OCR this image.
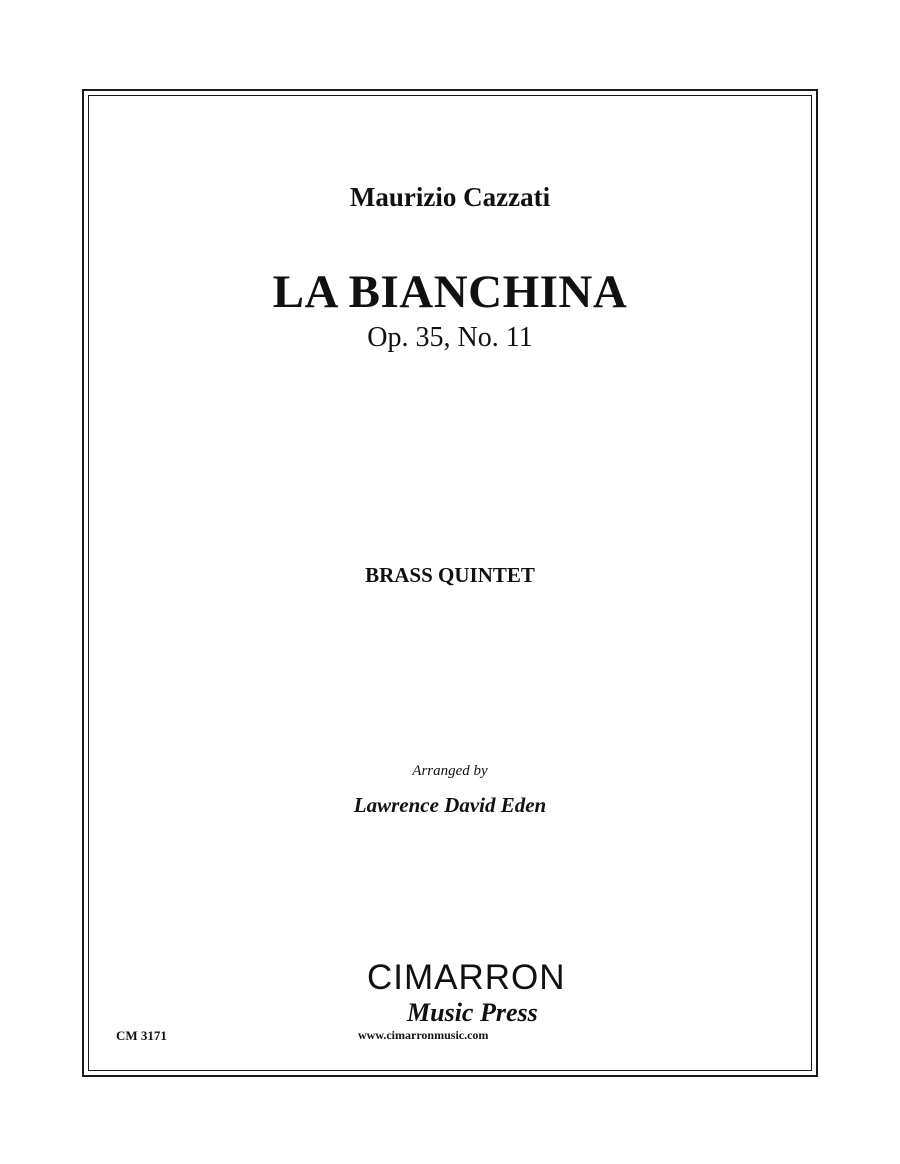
Maurizio Cazzati
LA BIANCHINA

Op. 35, No. 11

BRASS QUINTET

Arranged by

Lawrence David Eden

CIMARRON
Music Press
www.cimarronmusic.com
CM 3171
